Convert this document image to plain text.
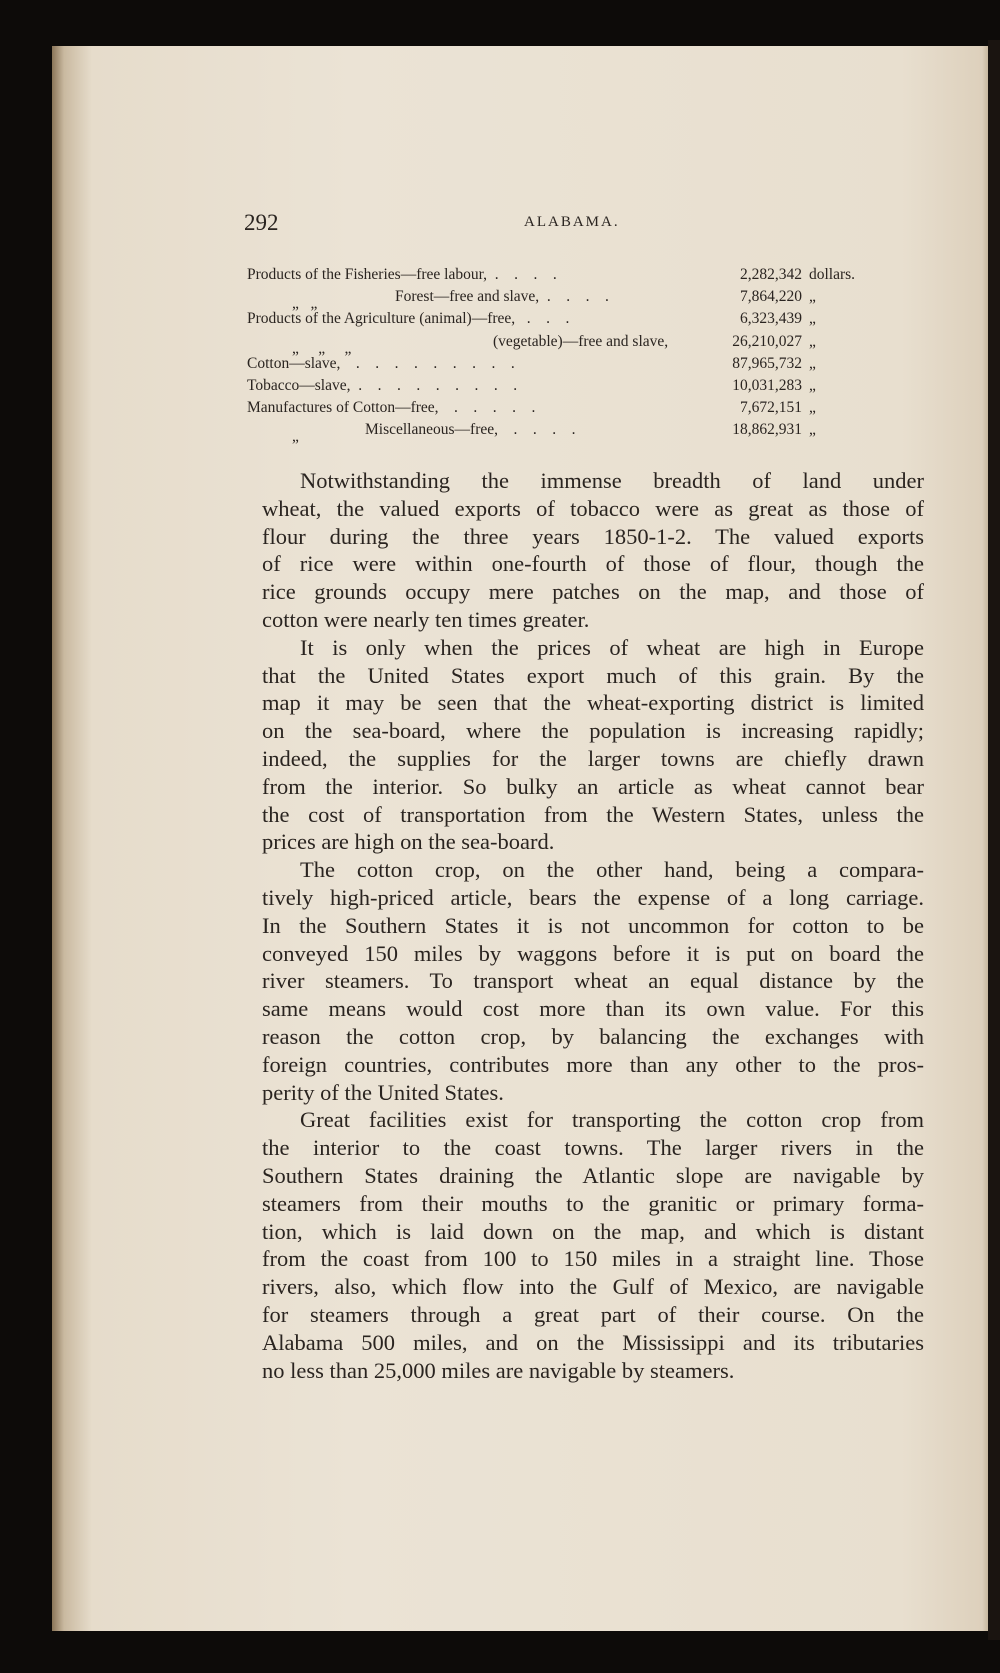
292	ALABAMA.
Products of the Fisheries—free labour,  .    .    .    .	2,282,342 dollars.
„   „	Forest—free and slave,  .    .    .    .	7,864,220 „
Products of the Agriculture (animal)—free,   .    .    .	6,323,439 „
„     „     „	(vegetable)—free and slave,	26,210,027 „
Cotton—slave,    .    .    .    .    .    .    .    .    .	87,965,732 „
Tobacco—slave,  .    .    .    .    .    .    .    .    .	10,031,283 „
Manufactures of Cotton—free,    .    .    .    .    .	7,672,151 „
„	Miscellaneous—free,    .    .    .    .	18,862,931 „
Notwithstanding the immense breadth of land under
wheat, the valued exports of tobacco were as great as those of
flour during the three years 1850-1-2. The valued exports
of rice were within one-fourth of those of flour, though the
rice grounds occupy mere patches on the map, and those of
cotton were nearly ten times greater.
It is only when the prices of wheat are high in Europe
that the United States export much of this grain. By the
map it may be seen that the wheat-exporting district is limited
on the sea-board, where the population is increasing rapidly;
indeed, the supplies for the larger towns are chiefly drawn
from the interior. So bulky an article as wheat cannot bear
the cost of transportation from the Western States, unless the
prices are high on the sea-board.
The cotton crop, on the other hand, being a compara-
tively high-priced article, bears the expense of a long carriage.
In the Southern States it is not uncommon for cotton to be
conveyed 150 miles by waggons before it is put on board the
river steamers. To transport wheat an equal distance by the
same means would cost more than its own value. For this
reason the cotton crop, by balancing the exchanges with
foreign countries, contributes more than any other to the pros-
perity of the United States.
Great facilities exist for transporting the cotton crop from
the interior to the coast towns. The larger rivers in the
Southern States draining the Atlantic slope are navigable by
steamers from their mouths to the granitic or primary forma-
tion, which is laid down on the map, and which is distant
from the coast from 100 to 150 miles in a straight line. Those
rivers, also, which flow into the Gulf of Mexico, are navigable
for steamers through a great part of their course. On the
Alabama 500 miles, and on the Mississippi and its tributaries
no less than 25,000 miles are navigable by steamers.
